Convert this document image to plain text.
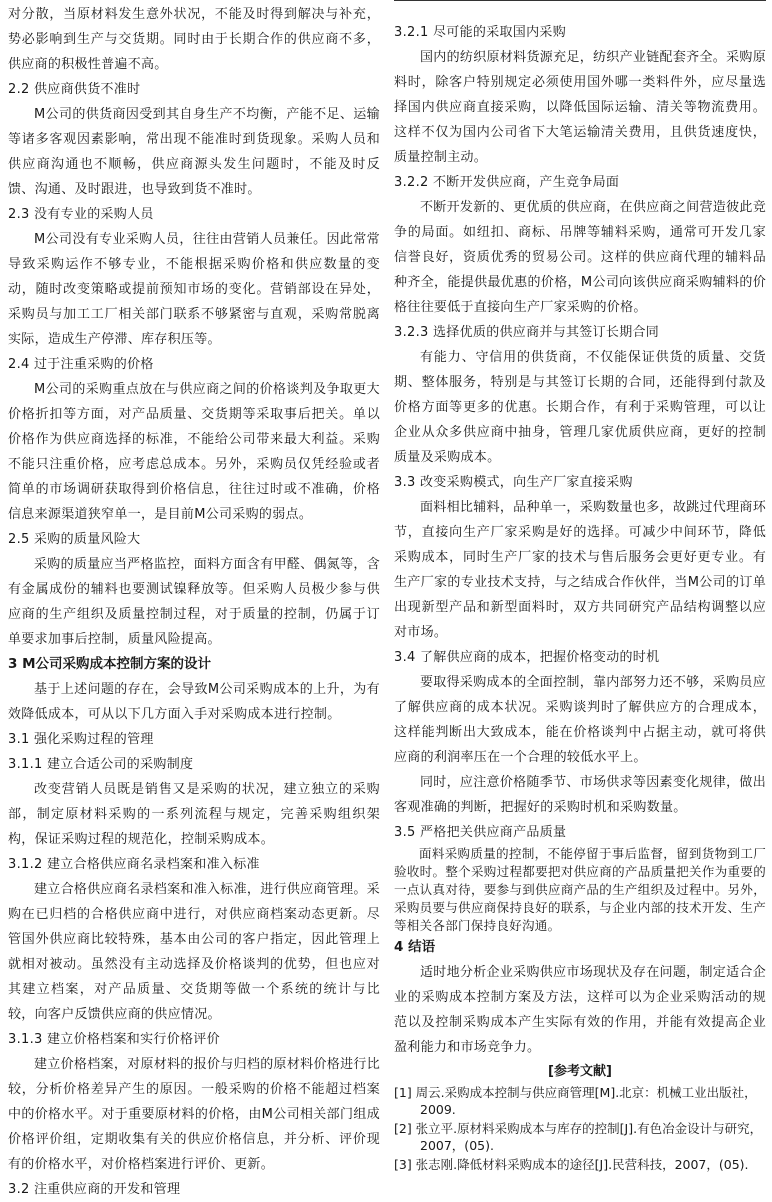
对分散，当原材料发生意外状况，不能及时得到解决与补充，势必影响到生产与交货期。同时由于长期合作的供应商不多，供应商的积极性普遍不高。

2.2 供应商供货不准时

M公司的供货商因受到其自身生产不均衡，产能不足、运输等诸多客观因素影响，常出现不能准时到货现象。采购人员和供应商沟通也不顺畅，供应商源头发生问题时，不能及时反馈、沟通、及时跟进，也导致到货不准时。

2.3 没有专业的采购人员

M公司没有专业采购人员，往往由营销人员兼任。因此常常导致采购运作不够专业，不能根据采购价格和供应数量的变动，随时改变策略或提前预知市场的变化。营销部设在异处，采购员与加工工厂相关部门联系不够紧密与直观，采购常脱离实际，造成生产停滞、库存积压等。

2.4 过于注重采购的价格

M公司的采购重点放在与供应商之间的价格谈判及争取更大价格折扣等方面，对产品质量、交货期等采取事后把关。单以价格作为供应商选择的标准，不能给公司带来最大利益。采购不能只注重价格，应考虑总成本。另外，采购员仅凭经验或者简单的市场调研获取得到价格信息，往往过时或不准确，价格信息来源渠道狭窄单一，是目前M公司采购的弱点。

2.5 采购的质量风险大

采购的质量应当严格监控，面料方面含有甲醛、偶氮等，含有金属成份的辅料也要测试镍释放等。但采购人员极少参与供应商的生产组织及质量控制过程，对于质量的控制，仍属于订单要求加事后控制，质量风险提高。

3 M公司采购成本控制方案的设计

基于上述问题的存在，会导致M公司采购成本的上升，为有效降低成本，可从以下几方面入手对采购成本进行控制。

3.1 强化采购过程的管理
3.1.1 建立合适公司的采购制度

改变营销人员既是销售又是采购的状况，建立独立的采购部，制定原材料采购的一系列流程与规定，完善采购组织架构，保证采购过程的规范化，控制采购成本。

3.1.2 建立合格供应商名录档案和准入标准

建立合格供应商名录档案和准入标准，进行供应商管理。采购在已归档的合格供应商中进行，对供应商档案动态更新。尽管国外供应商比较特殊，基本由公司的客户指定，因此管理上就相对被动。虽然没有主动选择及价格谈判的优势，但也应对其建立档案，对产品质量、交货期等做一个系统的统计与比较，向客户反馈供应商的供应情况。

3.1.3 建立价格档案和实行价格评价

建立价格档案，对原材料的报价与归档的原材料价格进行比较，分析价格差异产生的原因。一般采购的价格不能超过档案中的价格水平。对于重要原材料的价格，由M公司相关部门组成价格评价组，定期收集有关的供应价格信息，并分析、评价现有的价格水平，对价格档案进行评价、更新。

3.2 注重供应商的开发和管理
3.2.1 尽可能的采取国内采购

国内的纺织原材料货源充足，纺织产业链配套齐全。采购原料时，除客户特别规定必须使用国外哪一类料件外，应尽量选择国内供应商直接采购，以降低国际运输、清关等物流费用。这样不仅为国内公司省下大笔运输清关费用，且供货速度快，质量控制主动。

3.2.2 不断开发供应商，产生竞争局面

不断开发新的、更优质的供应商，在供应商之间营造彼此竞争的局面。如纽扣、商标、吊牌等辅料采购，通常可开发几家信誉良好，资质优秀的贸易公司。这样的供应商代理的辅料品种齐全，能提供最优惠的价格，M公司向该供应商采购辅料的价格往往要低于直接向生产厂家采购的价格。

3.2.3 选择优质的供应商并与其签订长期合同

有能力、守信用的供货商，不仅能保证供货的质量、交货期、整体服务，特别是与其签订长期的合同，还能得到付款及价格方面等更多的优惠。长期合作，有利于采购管理，可以让企业从众多供应商中抽身，管理几家优质供应商，更好的控制质量及采购成本。

3.3 改变采购模式，向生产厂家直接采购

面料相比辅料，品种单一，采购数量也多，故跳过代理商环节，直接向生产厂家采购是好的选择。可减少中间环节，降低采购成本，同时生产厂家的技术与售后服务会更好更专业。有生产厂家的专业技术支持，与之结成合作伙伴，当M公司的订单出现新型产品和新型面料时，双方共同研究产品结构调整以应对市场。

3.4 了解供应商的成本，把握价格变动的时机

要取得采购成本的全面控制，靠内部努力还不够，采购员应了解供应商的成本状况。采购谈判时了解供应方的合理成本，这样能判断出大致成本，能在价格谈判中占据主动，就可将供应商的利润率压在一个合理的较低水平上。

同时，应注意价格随季节、市场供求等因素变化规律，做出客观准确的判断，把握好的采购时机和采购数量。

3.5 严格把关供应商产品质量

面料采购质量的控制，不能停留于事后监督，留到货物到工厂验收时。整个采购过程都要把对供应商的产品质量把关作为重要的一点认真对待，要参与到供应商产品的生产组织及过程中。另外，采购员要与供应商保持良好的联系，与企业内部的技术开发、生产等相关各部门保持良好沟通。

4 结语

适时地分析企业采购供应市场现状及存在问题，制定适合企业的采购成本控制方案及方法，这样可以为企业采购活动的规范以及控制采购成本产生实际有效的作用，并能有效提高企业盈利能力和市场竞争力。

[参考文献]
[1] 周云.采购成本控制与供应商管理[M].北京：机械工业出版社，2009.
[2] 张立平.原材料采购成本与库存的控制[J].有色冶金设计与研究，2007，(05).
[3] 张志刚.降低材料采购成本的途径[J].民营科技，2007，(05).
